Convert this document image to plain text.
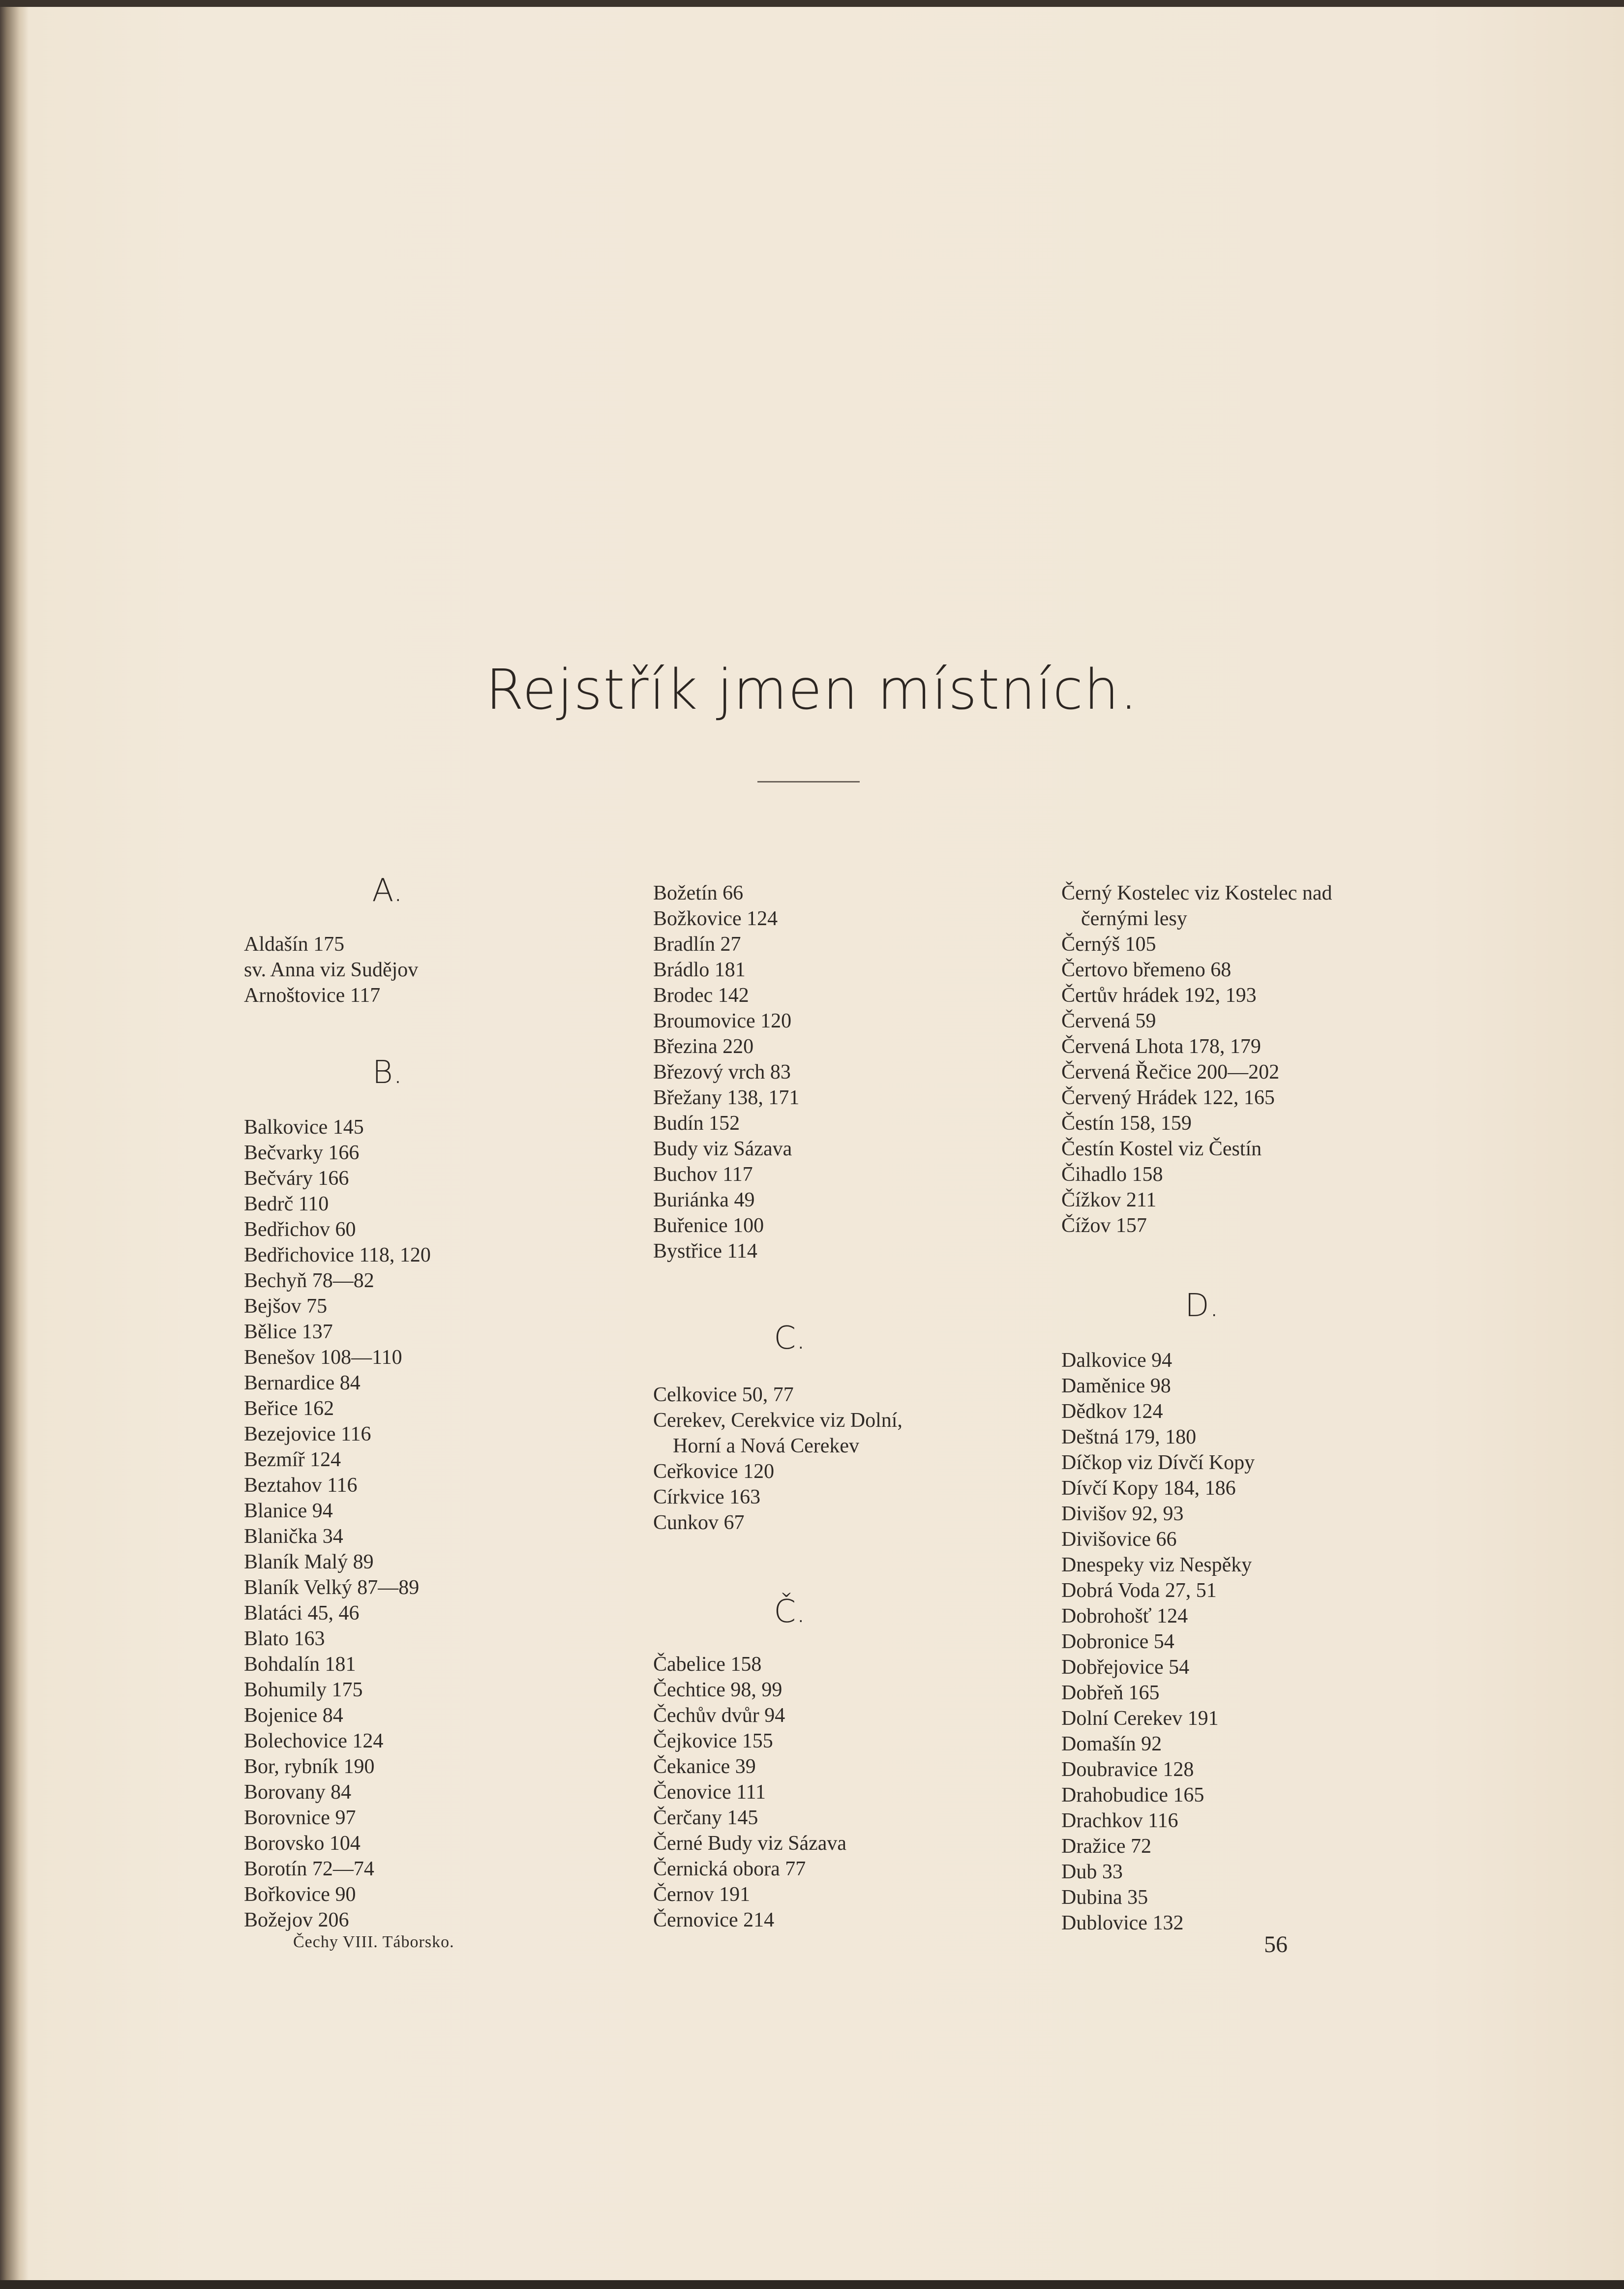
Rejstřík jmen místních.
A.
Aldašín 175
sv. Anna viz Sudějov
Arnoštovice 117
B.
Balkovice 145
Bečvarky 166
Bečváry 166
Bedrč 110
Bedřichov 60
Bedřichovice 118, 120
Bechyň 78—82
Bejšov 75
Bělice 137
Benešov 108—110
Bernardice 84
Beřice 162
Bezejovice 116
Bezmíř 124
Beztahov 116
Blanice 94
Blanička 34
Blaník Malý 89
Blaník Velký 87—89
Blatáci 45, 46
Blato 163
Bohdalín 181
Bohumily 175
Bojenice 84
Bolechovice 124
Bor, rybník 190
Borovany 84
Borovnice 97
Borovsko 104
Borotín 72—74
Bořkovice 90
Božejov 206
Božetín 66
Božkovice 124
Bradlín 27
Brádlo 181
Brodec 142
Broumovice 120
Březina 220
Březový vrch 83
Břežany 138, 171
Budín 152
Budy viz Sázava
Buchov 117
Buriánka 49
Buřenice 100
Bystřice 114
C.
Celkovice 50, 77
Cerekev, Cerekvice viz Dolní,
Horní a Nová Cerekev
Ceřkovice 120
Církvice 163
Cunkov 67
Č.
Čabelice 158
Čechtice 98, 99
Čechův dvůr 94
Čejkovice 155
Čekanice 39
Čenovice 111
Čerčany 145
Černé Budy viz Sázava
Černická obora 77
Černov 191
Černovice 214
Černý Kostelec viz Kostelec nad
černými lesy
Černýš 105
Čertovo břemeno 68
Čertův hrádek 192, 193
Červená 59
Červená Lhota 178, 179
Červená Řečice 200—202
Červený Hrádek 122, 165
Čestín 158, 159
Čestín Kostel viz Čestín
Čihadlo 158
Čížkov 211
Čížov 157
D.
Dalkovice 94
Daměnice 98
Dědkov 124
Deštná 179, 180
Díčkop viz Dívčí Kopy
Dívčí Kopy 184, 186
Divišov 92, 93
Divišovice 66
Dnespeky viz Nespěky
Dobrá Voda 27, 51
Dobrohošť 124
Dobronice 54
Dobřejovice 54
Dobřeň 165
Dolní Cerekev 191
Domašín 92
Doubravice 128
Drahobudice 165
Drachkov 116
Dražice 72
Dub 33
Dubina 35
Dublovice 132
Čechy VIII. Táborsko.	56
